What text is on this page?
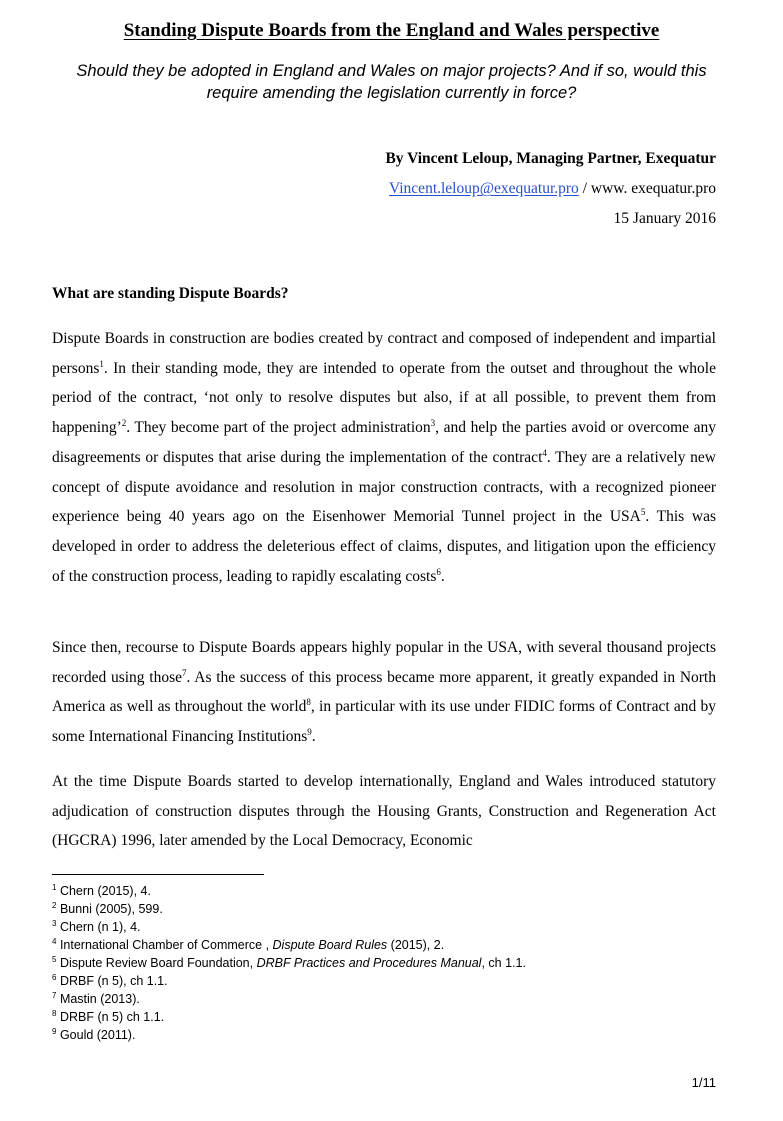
Standing Dispute Boards from the England and Wales perspective

Should they be adopted in England and Wales on major projects? And if so, would this require amending the legislation currently in force?

By Vincent Leloup, Managing Partner, Exequatur
Vincent.leloup@exequatur.pro / www. exequatur.pro
15 January 2016
What are standing Dispute Boards?

Dispute Boards in construction are bodies created by contract and composed of independent and impartial persons$^1$. In their standing mode, they are intended to operate from the outset and throughout the whole period of the contract, ‘not only to resolve disputes but also, if at all possible, to prevent them from happening’$^2$. They become part of the project administration$^3$, and help the parties avoid or overcome any disagreements or disputes that arise during the implementation of the contract$^4$. They are a relatively new concept of dispute avoidance and resolution in major construction contracts, with a recognized pioneer experience being 40 years ago on the Eisenhower Memorial Tunnel project in the USA$^5$. This was developed in order to address the deleterious effect of claims, disputes, and litigation upon the efficiency of the construction process, leading to rapidly escalating costs$^6$.

Since then, recourse to Dispute Boards appears highly popular in the USA, with several thousand projects recorded using those$^7$. As the success of this process became more apparent, it greatly expanded in North America as well as throughout the world$^8$, in particular with its use under FIDIC forms of Contract and by some International Financing Institutions$^9$.

At the time Dispute Boards started to develop internationally, England and Wales introduced statutory adjudication of construction disputes through the Housing Grants, Construction and Regeneration Act (HGCRA) 1996, later amended by the Local Democracy, Economic

$^1$ Chern (2015), 4.
$^2$ Bunni (2005), 599.
$^3$ Chern (n 1), 4.
$^4$ International Chamber of Commerce , Dispute Board Rules (2015), 2.
$^5$ Dispute Review Board Foundation, DRBF Practices and Procedures Manual, ch 1.1.
$^6$ DRBF (n 5), ch 1.1.
$^7$ Mastin (2013).
$^8$ DRBF (n 5) ch 1.1.
$^9$ Gould (2011).
1/11
